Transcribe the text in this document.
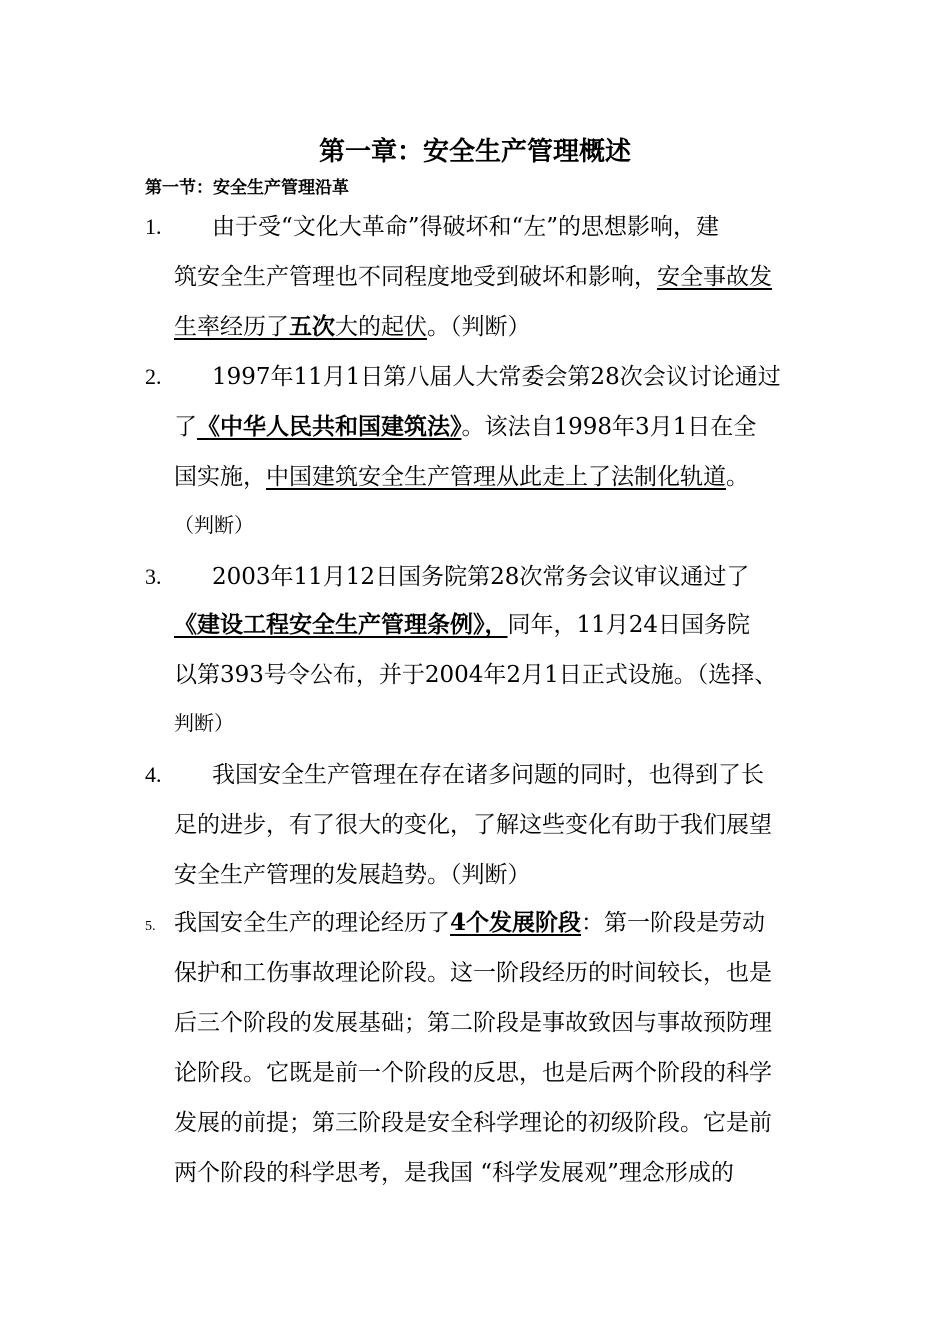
第一章：安全生产管理概述
第一节：安全生产管理沿革
1. 由于受“文化大革命”得破坏和“左”的思想影响，建
筑安全生产管理也不同程度地受到破坏和影响，安全事故发
生率经历了五次大的起伏。（判断）
2. 1997年11月1日第八届人大常委会第28次会议讨论通过
了《中华人民共和国建筑法》。该法自1998年3月1日在全
国实施，中国建筑安全生产管理从此走上了法制化轨道。
（判断）
3. 2003年11月12日国务院第28次常务会议审议通过了
《建设工程安全生产管理条例》，同年，11月24日国务院
以第393号令公布，并于2004年2月1日正式设施。（选择、
判断）
4. 我国安全生产管理在存在诸多问题的同时，也得到了长
足的进步，有了很大的变化，了解这些变化有助于我们展望
安全生产管理的发展趋势。（判断）
5. 我国安全生产的理论经历了4个发展阶段：第一阶段是劳动
保护和工伤事故理论阶段。这一阶段经历的时间较长，也是
后三个阶段的发展基础；第二阶段是事故致因与事故预防理
论阶段。它既是前一个阶段的反思，也是后两个阶段的科学
发展的前提；第三阶段是安全科学理论的初级阶段。它是前
两个阶段的科学思考，是我国 “科学发展观”理念形成的
